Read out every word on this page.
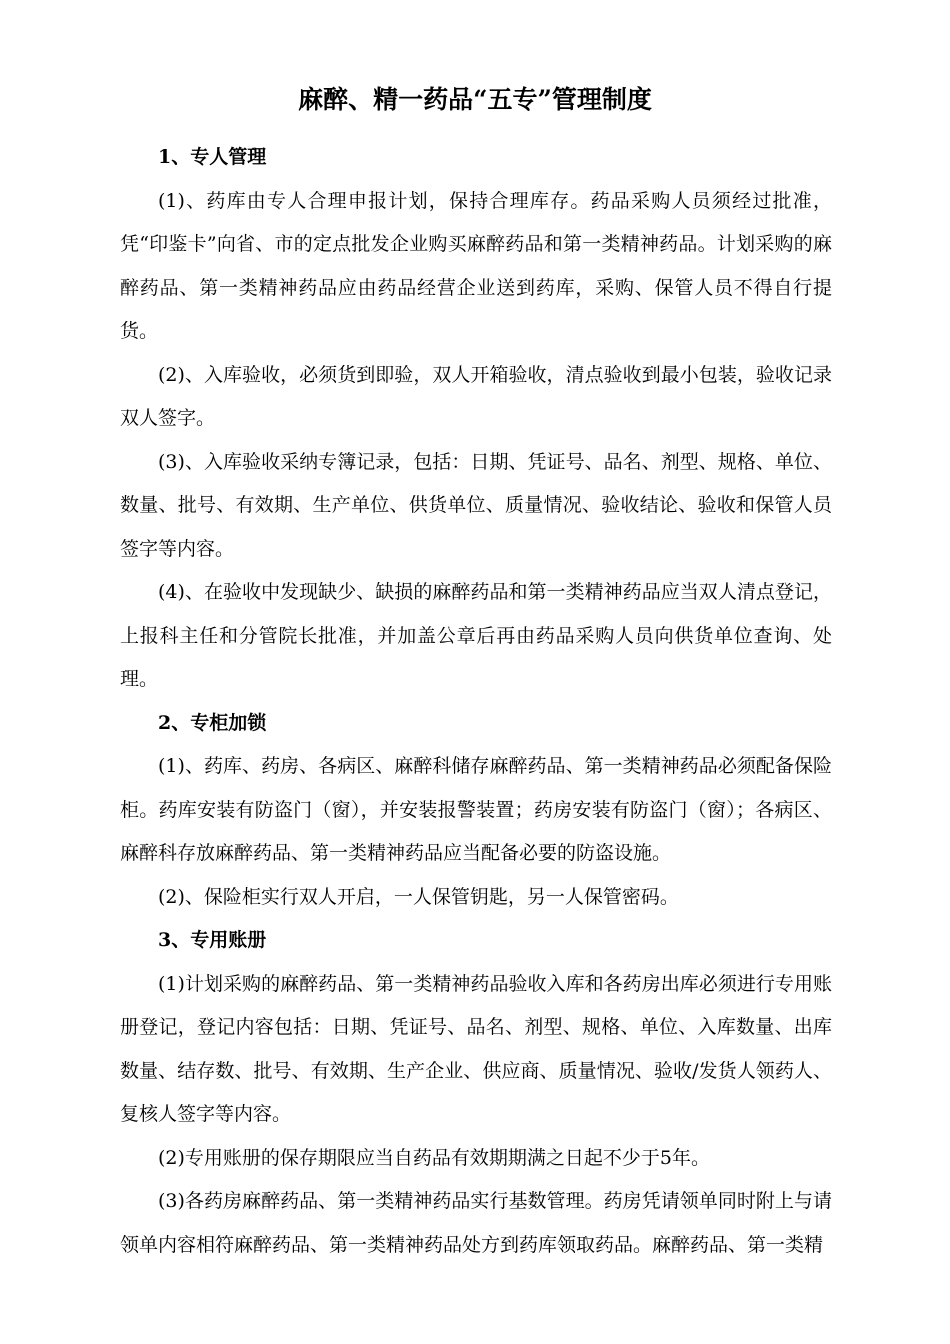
麻醉、精一药品“五专”管理制度

1、专人管理

(1)、药库由专人合理申报计划，保持合理库存。药品采购人员须经过批准，凭“印鉴卡”向省、市的定点批发企业购买麻醉药品和第一类精神药品。计划采购的麻醉药品、第一类精神药品应由药品经营企业送到药库，采购、保管人员不得自行提货。

(2)、入库验收，必须货到即验，双人开箱验收，清点验收到最小包装，验收记录双人签字。

(3)、入库验收采纳专簿记录，包括：日期、凭证号、品名、剂型、规格、单位、数量、批号、有效期、生产单位、供货单位、质量情况、验收结论、验收和保管人员签字等内容。

(4)、在验收中发现缺少、缺损的麻醉药品和第一类精神药品应当双人清点登记，上报科主任和分管院长批准，并加盖公章后再由药品采购人员向供货单位查询、处理。

2、专柜加锁

(1)、药库、药房、各病区、麻醉科储存麻醉药品、第一类精神药品必须配备保险柜。药库安装有防盗门（窗），并安装报警装置；药房安装有防盗门（窗）；各病区、麻醉科存放麻醉药品、第一类精神药品应当配备必要的防盗设施。

(2)、保险柜实行双人开启，一人保管钥匙，另一人保管密码。

3、专用账册

(1)计划采购的麻醉药品、第一类精神药品验收入库和各药房出库必须进行专用账册登记，登记内容包括：日期、凭证号、品名、剂型、规格、单位、入库数量、出库数量、结存数、批号、有效期、生产企业、供应商、质量情况、验收/发货人领药人、复核人签字等内容。

(2)专用账册的保存期限应当自药品有效期期满之日起不少于5年。

(3)各药房麻醉药品、第一类精神药品实行基数管理。药房凭请领单同时附上与请领单内容相符麻醉药品、第一类精神药品处方到药库领取药品。麻醉药品、第一类精
